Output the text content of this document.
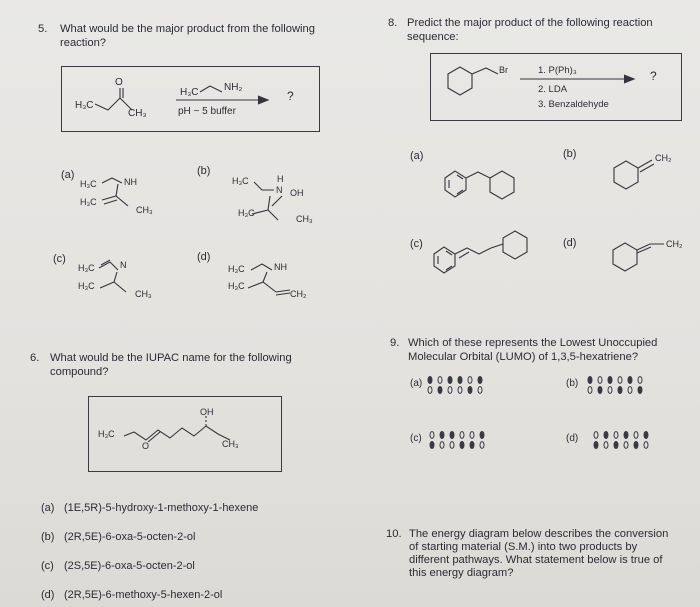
5. What would be the major product from the following
reaction?
H₃C
CH₃
O
H₃C	NH₂
pH ~ 5 buffer
?
(a)
H₃C	NH
H₃C
CH₃
(b)
H₃C	H
N OH
H₃C
CH₃
(c)
H₃C	N
H₃C
CH₃
(d)
H₃C	NH
H₃C
CH₂
6. What would be the IUPAC name for the following
compound?
H₃C
O
OH
CH₃
(a) (1E,5R)-5-hydroxy-1-methoxy-1-hexene
(b) (2R,5E)-6-oxa-5-octen-2-ol
(c) (2S,5E)-6-oxa-5-octen-2-ol
(d) (2R,5E)-6-methoxy-5-hexen-2-ol
8. Predict the major product of the following reaction
sequence:
Br	1. P(Ph)₃
2. LDA
3. Benzaldehyde
?
(a)	(b)	CH₂
(c)	(d)	CH₂
9. Which of these represents the Lowest Unoccupied
Molecular Orbital (LUMO) of 1,3,5-hexatriene?
(a)	(b)
(c)	(d)
10. The energy diagram below describes the conversion
of starting material (S.M.) into two products by
different pathways. What statement below is true of
this energy diagram?
